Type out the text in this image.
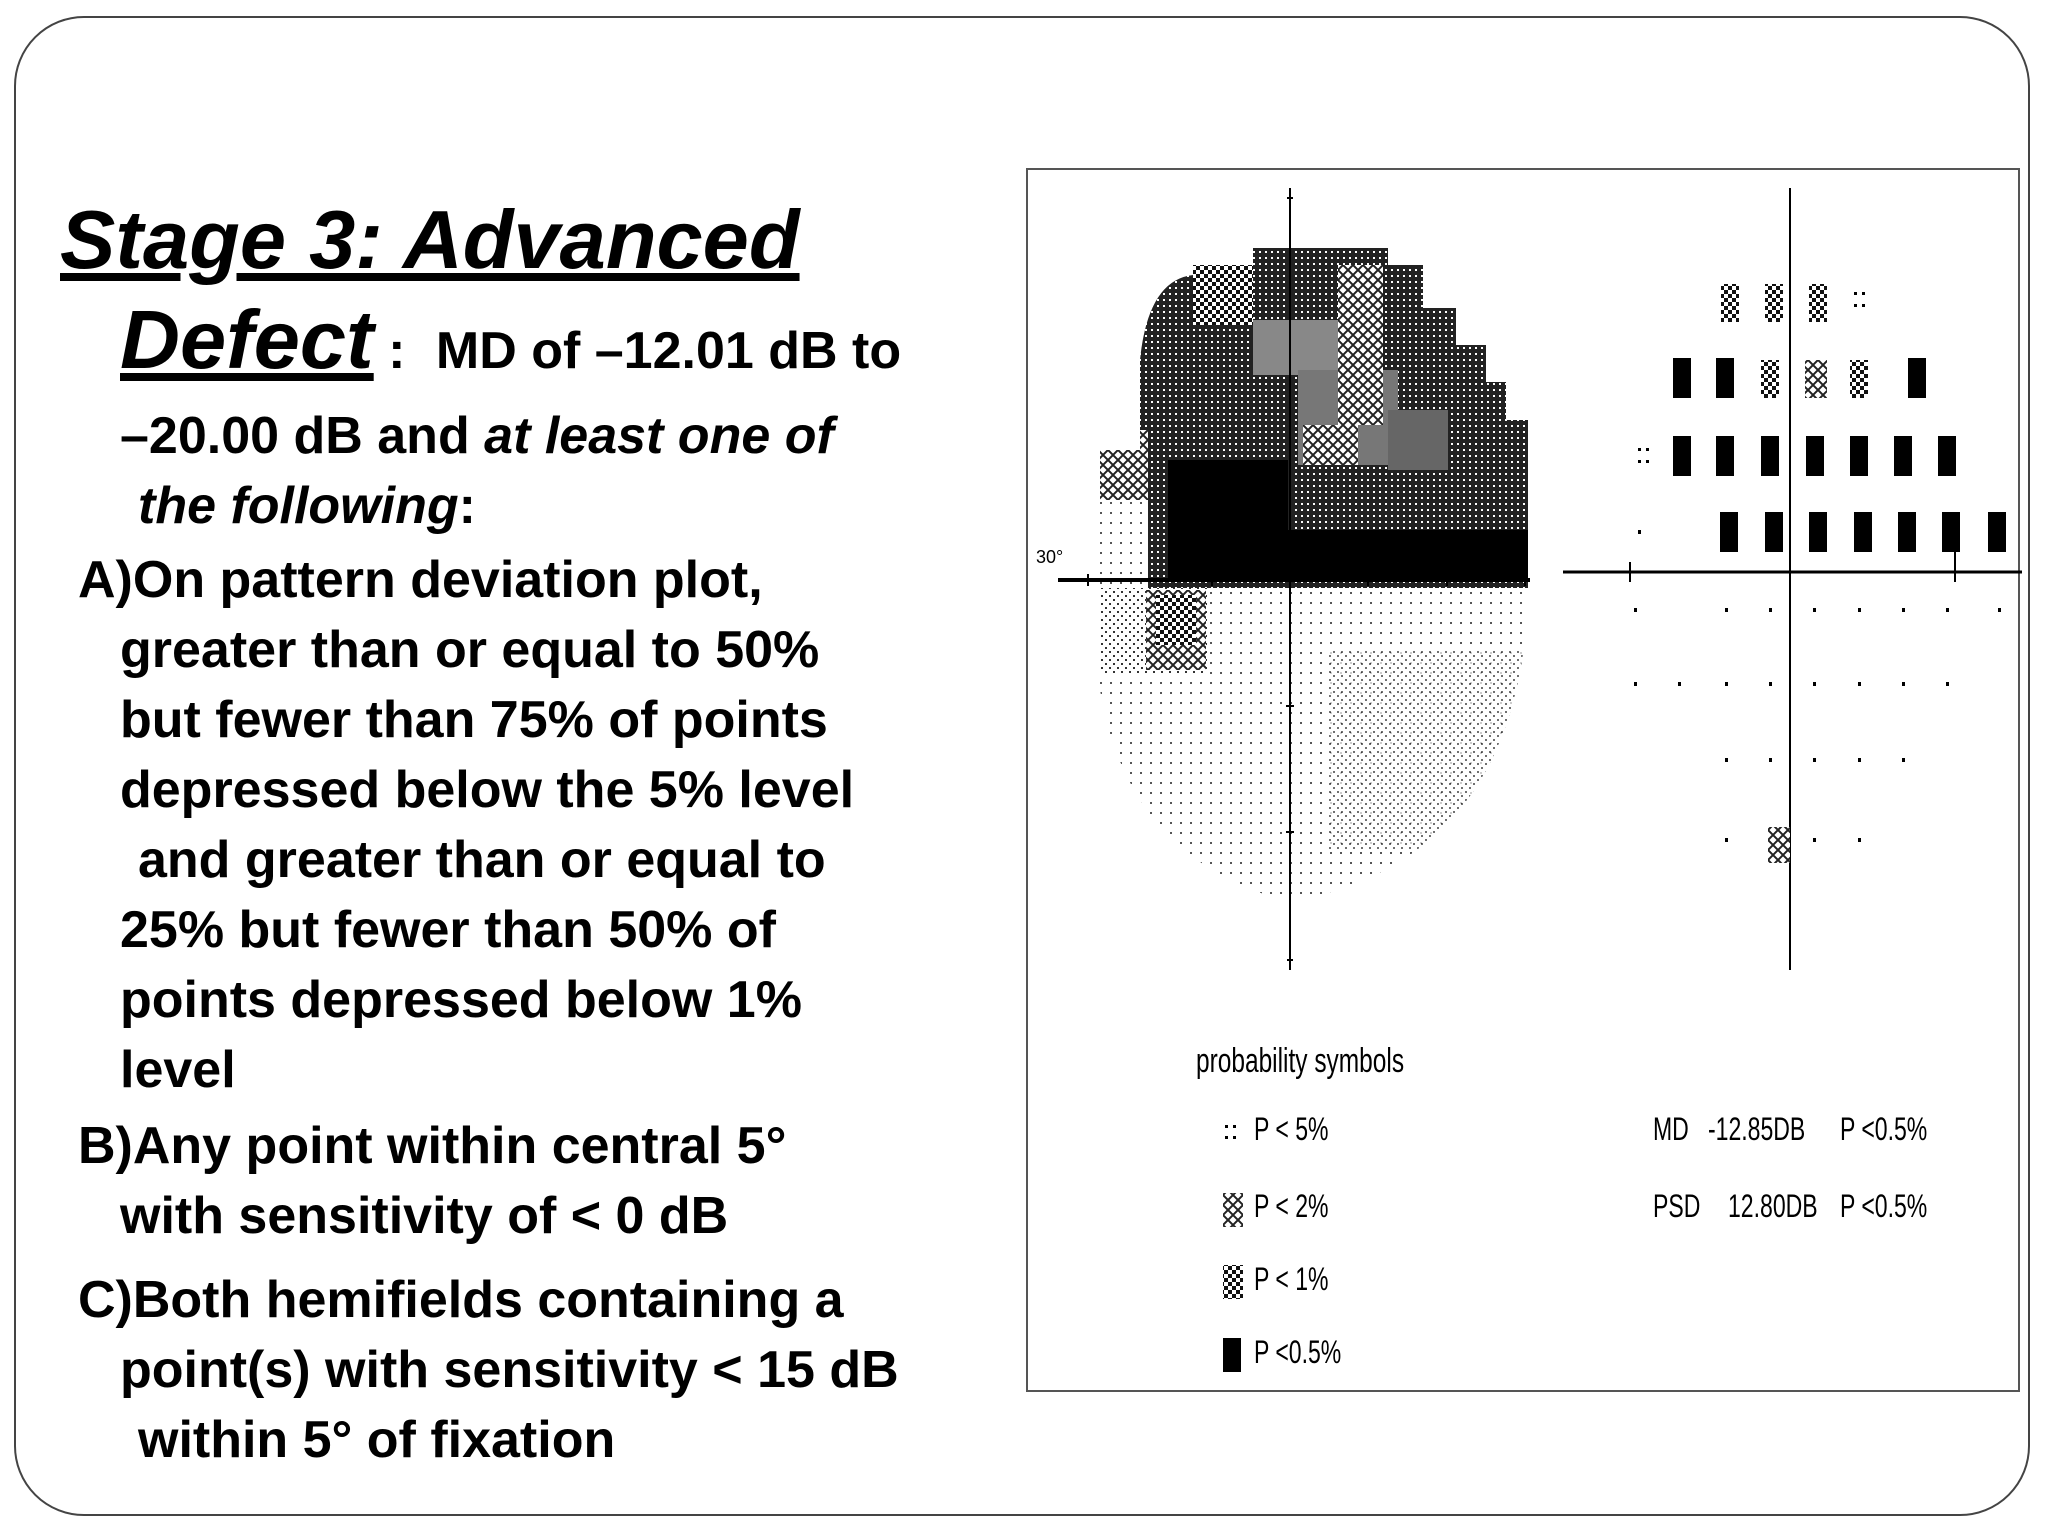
Stage 3: Advanced

Defect : MD of –12.01 dB to

–20.00 dB and at least one of

the following:

A)On pattern deviation plot,

greater than or equal to 50%

but fewer than 75% of points

depressed below the 5% level

and greater than or equal to

25% but fewer than 50% of

points depressed below 1%

level

B)Any point within central 5°

with sensitivity of < 0 dB

C)Both hemifields containing a

point(s) with sensitivity < 15 dB

within 5° of fixation

30°
probability symbols
P < 5%
P < 2%
P < 1%
P <0.5%
MD -12.85DB P <0.5%
PSD 12.80DB P <0.5%
